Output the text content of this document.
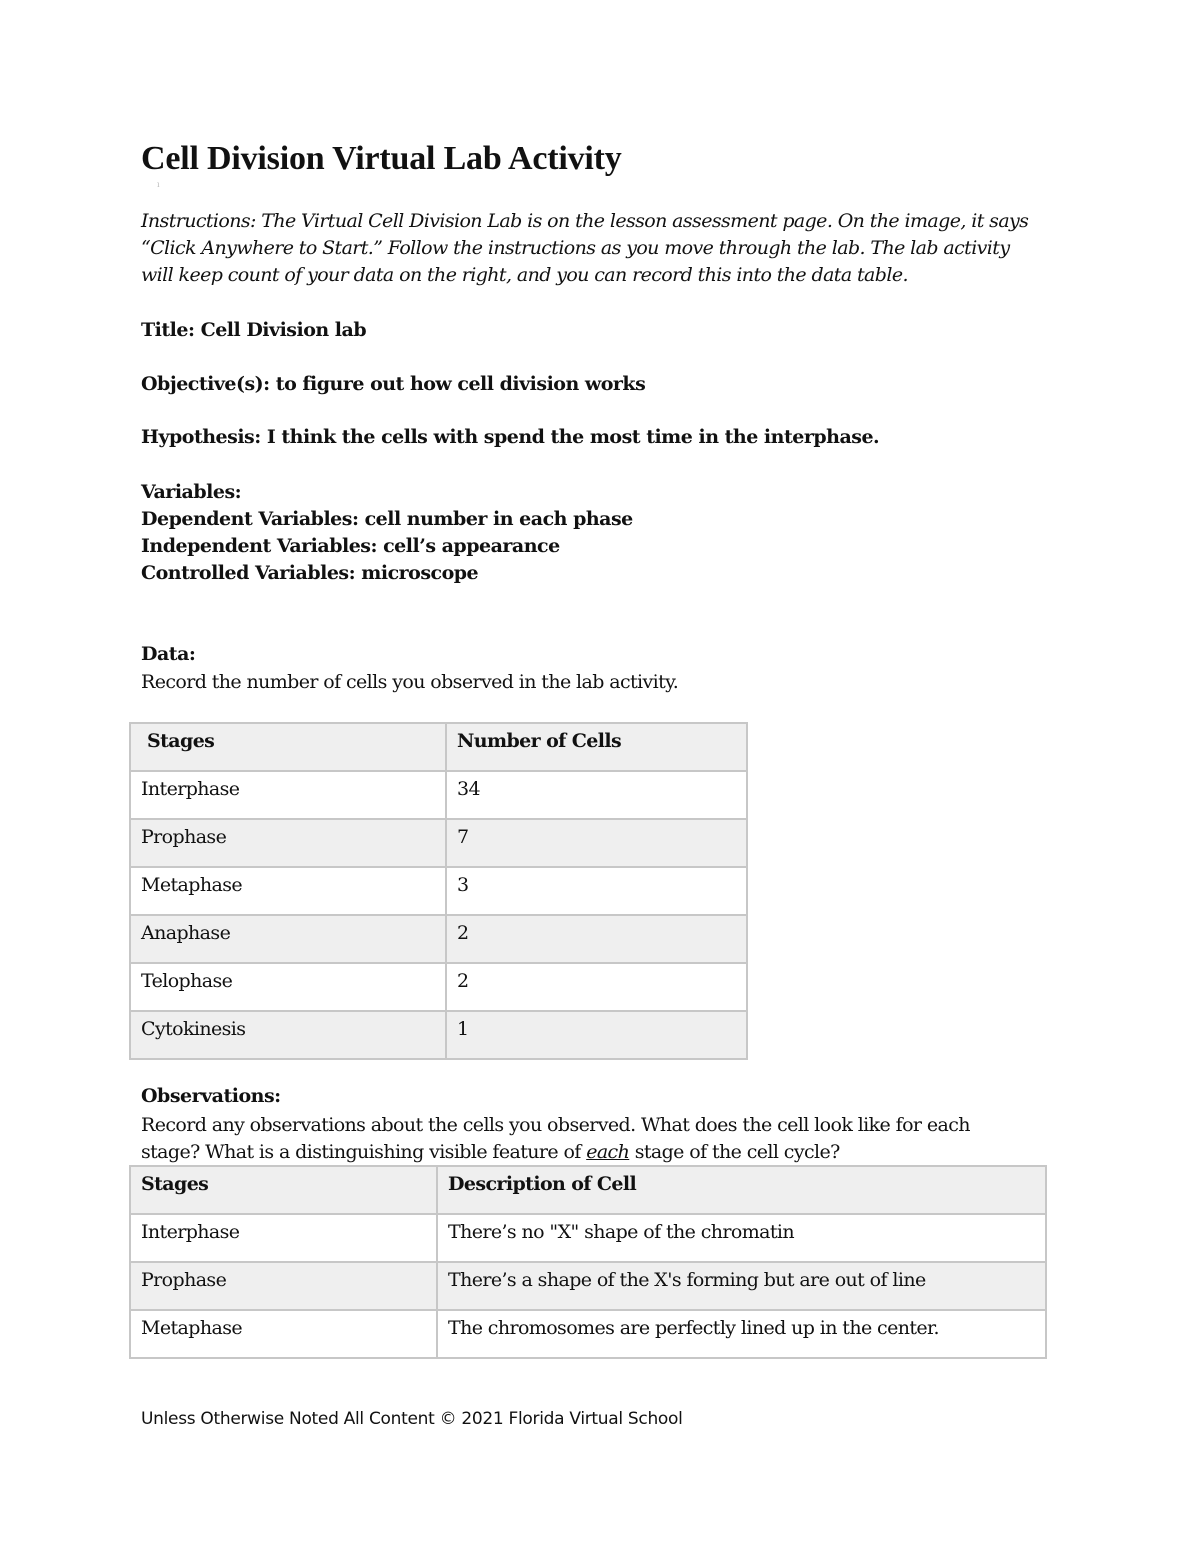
Cell Division Virtual Lab Activity
ı

Instructions: The Virtual Cell Division Lab is on the lesson assessment page. On the image, it says “Click Anywhere to Start.” Follow the instructions as you move through the lab. The lab activity will keep count of your data on the right, and you can record this into the data table.

Title: Cell Division lab

Objective(s): to figure out how cell division works

Hypothesis: I think the cells with spend the most time in the interphase.

Variables:

Dependent Variables: cell number in each phase

Independent Variables: cell’s appearance

Controlled Variables: microscope

Data:

Record the number of cells you observed in the lab activity.

Stages	Number of Cells
Interphase	34
Prophase	7
Metaphase	3
Anaphase	2
Telophase	2
Cytokinesis	1

Observations:

Record any observations about the cells you observed. What does the cell look like for each

stage? What is a distinguishing visible feature of each stage of the cell cycle?

Stages	Description of Cell
Interphase	There’s no "X" shape of the chromatin
Prophase	There’s a shape of the X's forming but are out of line
Metaphase	The chromosomes are perfectly lined up in the center.

Unless Otherwise Noted All Content © 2021 Florida Virtual School
